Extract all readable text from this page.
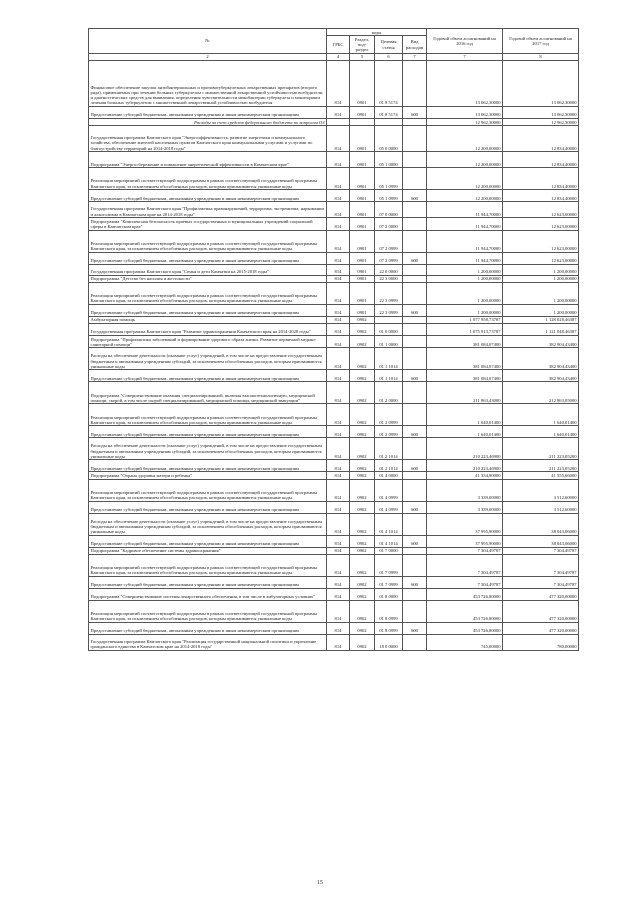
№	коды				Годовой объем ассигнований на 2016 год	Годовой объем ассигнований на 2017 год
	ГРБС	Раздел, под-раздел	Целевая статья	Вид расходов		
2	4	5	6	7	7	8
Финансовое обеспечение закупок антибактериальных и противотуберкулезных лекарственных препаратов (второго ряда), применяемых при лечении больных туберкулезом с множественной лекарственной устойчивостью возбудителя, и диагностических средств для выявления, определения чувствительности микобактерии туберкулеза и мониторинга лечения больных туберкулезом с множественной лекарственной устойчивостью возбудителя	814	0901	01 8 5174		13 062,30000	13 062,30000
Предоставление субсидий бюджетным, автономным учреждениям и иным некоммерческим организациям	814	0901	01 8 5174	600	13 062,30000	13 062,30000
Расходы за счет средств федерального бюджета по вопросам ОЗ					12 962,30000	12 962,30000
Государственная программа Камчатского края "Энергоэффективность, развитие энергетики и коммунального хозяйства, обеспечение жителей населенных пунктов Камчатского края коммунальными услугами и услугами по благоустройству территорий на 2014-2018 годы"	814	0901	05 0 0000		12 200,00000	12 834,40000
Подпрограмма "Энергосбережение и повышение энергетической эффективности в Камчатском крае"	814	0901	05 1 0000		12 200,00000	12 834,40000
Реализация мероприятий соответствующей подпрограммы в рамках соответствующей государственной программы Камчатского края, за исключением обособленных расходов, которым присваиваются уникальные коды	814	0901	05 1 0999		12 200,00000	12 834,40000
Предоставление субсидий бюджетным, автономным учреждениям и иным некоммерческим организациям	814	0901	05 1 0999	600	12 200,00000	12 834,40000
Государственная программа Камчатского края "Профилактика правонарушений, терроризма, экстремизма, наркомании и алкоголизма в Камчатском крае на 2014-2018 годы"	814	0901	07 0 0000		11 944,70000	12 623,00000
Подпрограмма "Комплексная безопасность краевых государственных и муниципальных учреждений социальной сферы в Камчатском крае"	814	0901	07 2 0000		11 944,70000	12 623,00000
Реализация мероприятий соответствующей подпрограммы в рамках соответствующей государственной программы Камчатского края, за исключением обособленных расходов, которым присваиваются уникальные коды	814	0901	07 2 0999		11 944,70000	12 623,00000
Предоставление субсидий бюджетным, автономным учреждениям и иным некоммерческим организациям	814	0901	07 2 0999	600	11 944,70000	12 623,00000
Государственная программа Камчатского края "Семья и дети Камчатки на 2015-2018 годы"	814	0901	22 0 0000		1 200,00000	1 200,00000
Подпрограмма "Детство без насилия и жестокости"	814	0901	22 3 0000		1 200,00000	1 200,00000
Реализация мероприятий соответствующей подпрограммы в рамках соответствующей государственной программы Камчатского края, за исключением обособленных расходов, которым присваиваются уникальные коды	814	0901	22 3 0999		1 200,00000	1 200,00000
Предоставление субсидий бюджетным, автономным учреждениям и иным некоммерческим организациям	814	0901	22 3 0999	600	1 200,00000	1 200,00000
Амбулаторная помощь	814	0902			1 077 958,73787	1 128 028,46387
Государственная программа Камчатского края "Развитие здравоохранения Камчатского края на 2014-2020 годы"	814	0902	01 0 0000		1 075 913,73787	1 121 048,46387
Подпрограмма "Профилактика заболеваний и формирование здорового образа жизни. Развитие первичной медико-санитарной помощи"	814	0902	01 1 0000		381 084,07400	382 904,43400
Расходы на обеспечение деятельности (оказание услуг) учреждений, в том числе на предоставление государственным бюджетным и автономным учреждениям субсидий, за исключением обособленных расходов, которым присваиваются уникальные коды	814	0902	01 1 1014		381 084,07400	382 904,43400
Предоставление субсидий бюджетным, автономным учреждениям и иным некоммерческим организациям	814	0902	01 1 1014	600	381 084,07400	382 904,43400
Подпрограмма "Совершенствование оказания специализированной, включая высокотехнологичную, медицинской помощи, скорой, в том числе скорой специализированной, медицинской помощи, медицинской эвакуации"	814	0902	01 2 0000		211 863,43000	212 863,05000
Реализация мероприятий соответствующей подпрограммы в рамках соответствующей государственной программы Камчатского края, за исключением обособленных расходов, которым присваиваются уникальные коды	814	0902	01 2 0999		1 640,01400	1 640,01400
Предоставление субсидий бюджетным, автономным учреждениям и иным некоммерческим организациям	814	0902	01 2 0999	600	1 640,01400	1 640,01400
Расходы на обеспечение деятельности (оказание услуг) учреждений, в том числе на предоставление государственным бюджетным и автономным учреждениям субсидий, за исключением обособленных расходов, которым присваиваются уникальные коды	814	0902	01 2 1014		210 223,46900	211 223,05200
Предоставление субсидий бюджетным, автономным учреждениям и иным некоммерческим организациям	814	0902	01 2 1014	600	210 223,46900	211 223,05200
Подпрограмма "Охрана здоровья матери и ребенка"	814	0902	01 4 0000		41 334,90000	41 555,66000
Реализация мероприятий соответствующей подпрограммы в рамках соответствующей государственной программы Камчатского края, за исключением обособленных расходов, которым присваиваются уникальные коды	814	0902	01 4 0999		3 339,00000	3 512,60000
Предоставление субсидий бюджетным, автономным учреждениям и иным некоммерческим организациям	814	0902	01 4 0999	600	3 339,00000	3 512,60000
Расходы на обеспечение деятельности (оказание услуг) учреждений, в том числе на предоставление государственным бюджетным и автономным учреждениям субсидий, за исключением обособленных расходов, которым присваиваются уникальные коды	814	0902	01 4 1014		37 995,90000	38 043,06000
Предоставление субсидий бюджетным, автономным учреждениям и иным некоммерческим организациям	814	0902	01 4 1014	600	37 995,90000	38 043,06000
Подпрограмма "Кадровое обеспечение системы здравоохранения"	814	0902	01 7 0000		7 304,49787	7 304,49787
Реализация мероприятий соответствующей подпрограммы в рамках соответствующей государственной программы Камчатского края, за исключением обособленных расходов, которым присваиваются уникальные коды	814	0902	01 7 0999		7 304,49787	7 304,49787
Предоставление субсидий бюджетным, автономным учреждениям и иным некоммерческим организациям	814	0902	01 7 0999	600	7 304,49787	7 304,49787
Подпрограмма "Совершенствование системы лекарственного обеспечения, в том числе в амбулаторных условиях"	814	0902	01 8 0000		453 726,80000	477 320,00000
Реализация мероприятий соответствующей подпрограммы в рамках соответствующей государственной программы Камчатского края, за исключением обособленных расходов, которым присваиваются уникальные коды	814	0902	01 8 0999		453 726,80000	477 320,00000
Предоставление субсидий бюджетным, автономным учреждениям и иным некоммерческим организациям	814	0902	01 8 0999	600	453 726,80000	477 320,00000
Государственная программа Камчатского края "Реализация государственной национальной политики и укрепление гражданского единства в Камчатском крае на 2014-2018 годы"	814	0902	18 0 0000		745,00000	780,00000
15
